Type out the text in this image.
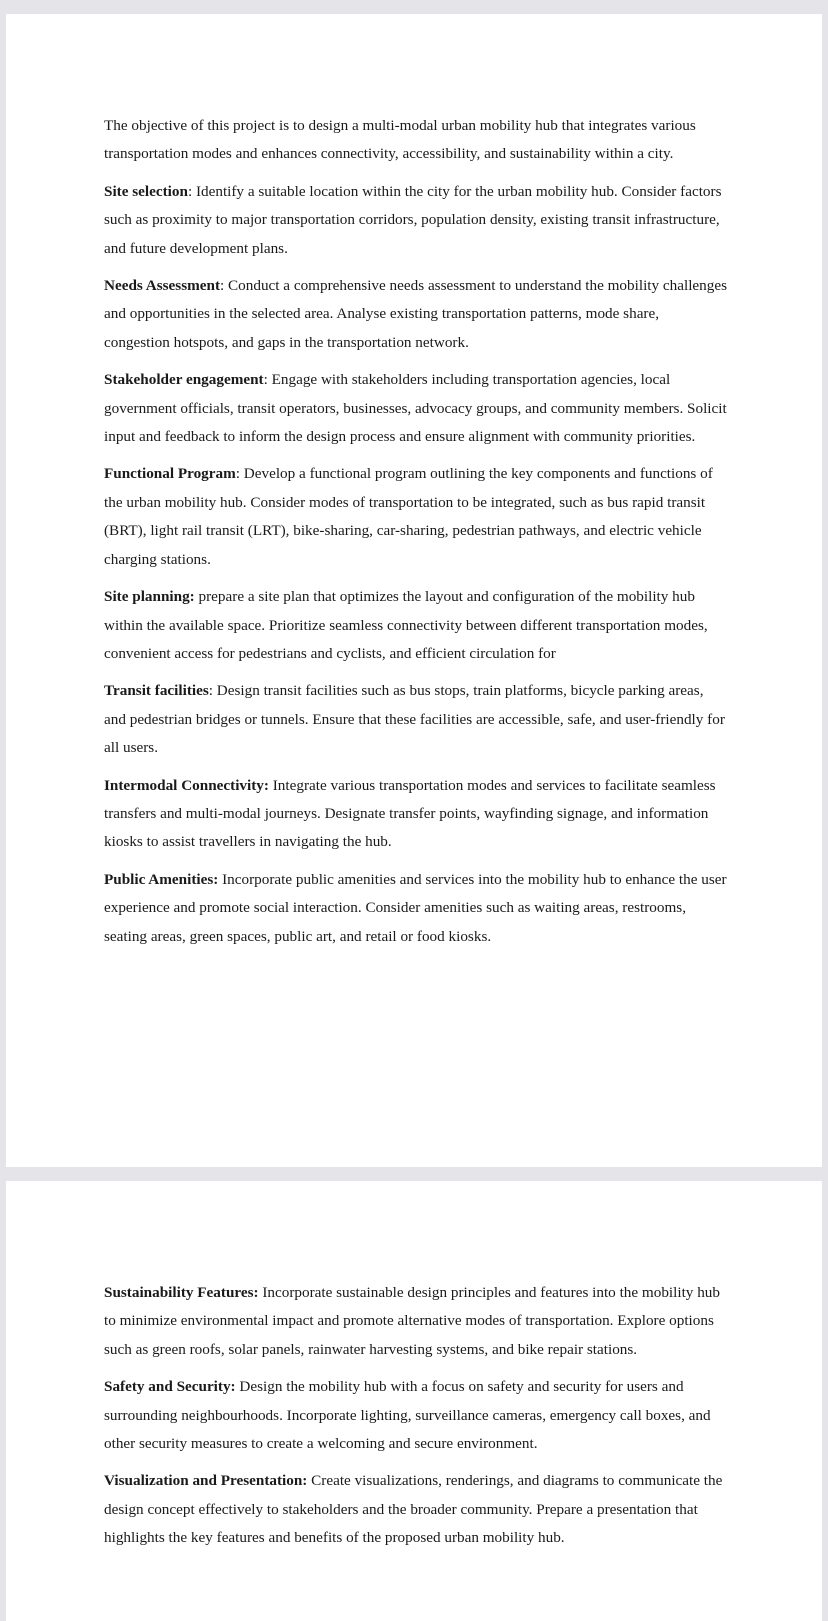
The objective of this project is to design a multi-modal urban mobility hub that integrates various transportation modes and enhances connectivity, accessibility, and sustainability within a city.

Site selection: Identify a suitable location within the city for the urban mobility hub. Consider factors such as proximity to major transportation corridors, population density, existing transit infrastructure, and future development plans.

Needs Assessment: Conduct a comprehensive needs assessment to understand the mobility challenges and opportunities in the selected area. Analyse existing transportation patterns, mode share, congestion hotspots, and gaps in the transportation network.

Stakeholder engagement: Engage with stakeholders including transportation agencies, local government officials, transit operators, businesses, advocacy groups, and community members. Solicit input and feedback to inform the design process and ensure alignment with community priorities.

Functional Program: Develop a functional program outlining the key components and functions of the urban mobility hub. Consider modes of transportation to be integrated, such as bus rapid transit (BRT), light rail transit (LRT), bike-sharing, car-sharing, pedestrian pathways, and electric vehicle charging stations.

Site planning: prepare a site plan that optimizes the layout and configuration of the mobility hub within the available space. Prioritize seamless connectivity between different transportation modes, convenient access for pedestrians and cyclists, and efficient circulation for

Transit facilities: Design transit facilities such as bus stops, train platforms, bicycle parking areas, and pedestrian bridges or tunnels. Ensure that these facilities are accessible, safe, and user-friendly for all users.

Intermodal Connectivity: Integrate various transportation modes and services to facilitate seamless transfers and multi-modal journeys. Designate transfer points, wayfinding signage, and information kiosks to assist travellers in navigating the hub.

Public Amenities: Incorporate public amenities and services into the mobility hub to enhance the user experience and promote social interaction. Consider amenities such as waiting areas, restrooms, seating areas, green spaces, public art, and retail or food kiosks.

Sustainability Features: Incorporate sustainable design principles and features into the mobility hub to minimize environmental impact and promote alternative modes of transportation. Explore options such as green roofs, solar panels, rainwater harvesting systems, and bike repair stations.

Safety and Security: Design the mobility hub with a focus on safety and security for users and surrounding neighbourhoods. Incorporate lighting, surveillance cameras, emergency call boxes, and other security measures to create a welcoming and secure environment.

Visualization and Presentation: Create visualizations, renderings, and diagrams to communicate the design concept effectively to stakeholders and the broader community. Prepare a presentation that highlights the key features and benefits of the proposed urban mobility hub.
